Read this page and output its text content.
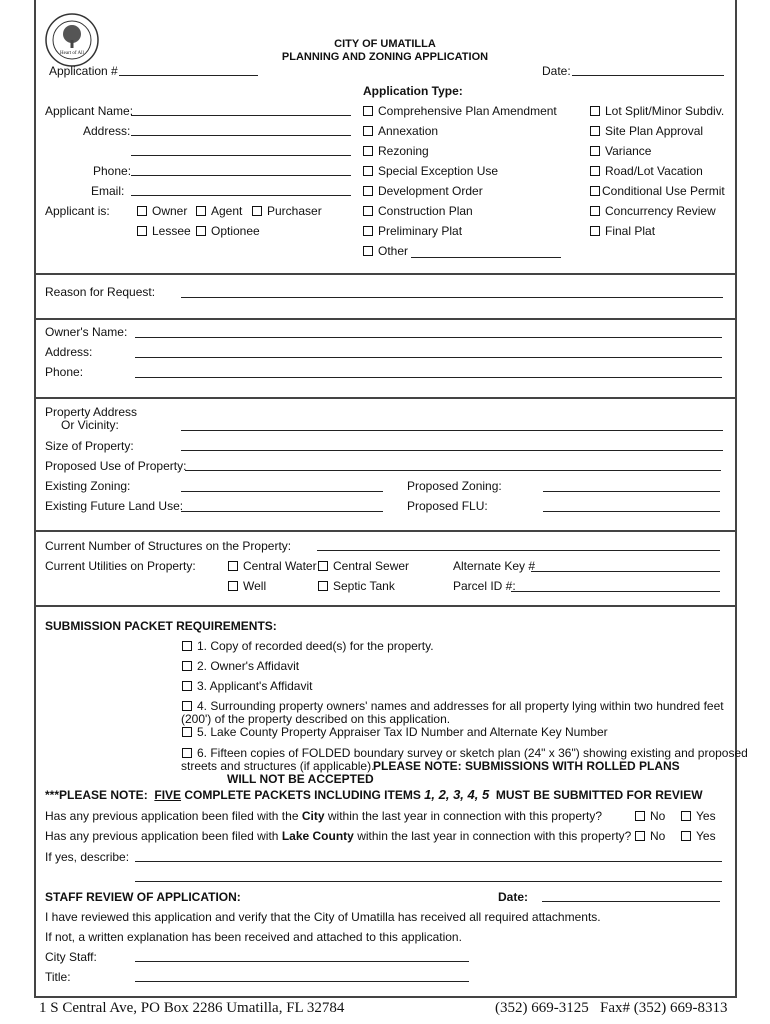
Heart of All
CITY OF UMATILLA
PLANNING AND ZONING APPLICATION
Application #	Date:
Applicant Name:
Address:
Phone:
Email:
Applicant is:	Owner Agent Purchaser
Lessee Optionee
Application Type:
Comprehensive Plan Amendment
Annexation
Rezoning
Special Exception Use
Development Order
Construction Plan
Preliminary Plat
Other
Lot Split/Minor Subdiv.
Site Plan Approval
Variance
Road/Lot Vacation
Conditional Use Permit
Concurrency Review
Final Plat
Reason for Request:
Owner's Name:
Address:
Phone:
Property Address
Or Vicinity:
Size of Property:
Proposed Use of Property:
Existing Zoning:	Proposed Zoning:
Existing Future Land Use:	Proposed FLU:
Current Number of Structures on the Property:
Current Utilities on Property:	Central Water Central Sewer
Well	Septic Tank
Alternate Key #
Parcel ID #:
SUBMISSION PACKET REQUIREMENTS:
1. Copy of recorded deed(s) for the property.
2. Owner's Affidavit
3. Applicant's Affidavit
4. Surrounding property owners' names and addresses for all property lying within two hundred feet
(200') of the property described on this application.
5. Lake County Property Appraiser Tax ID Number and Alternate Key Number
6. Fifteen copies of FOLDED boundary survey or sketch plan (24" x 36") showing existing and proposed
streets and structures (if applicable).
PLEASE NOTE: SUBMISSIONS WITH ROLLED PLANS
WILL NOT BE ACCEPTED
***PLEASE NOTE: FIVE COMPLETE PACKETS INCLUDING ITEMS 1, 2, 3, 4, 5 MUST BE SUBMITTED FOR REVIEW
Has any previous application been filed with the City within the last year in connection with this property?	No	Yes
Has any previous application been filed with Lake County within the last year in connection with this property? No	Yes
If yes, describe:
STAFF REVIEW OF APPLICATION:	Date:
I have reviewed this application and verify that the City of Umatilla has received all required attachments.
If not, a written explanation has been received and attached to this application.
City Staff:
Title:
1 S Central Ave, PO Box 2286 Umatilla, FL 32784	(352) 669-3125 Fax# (352) 669-8313
